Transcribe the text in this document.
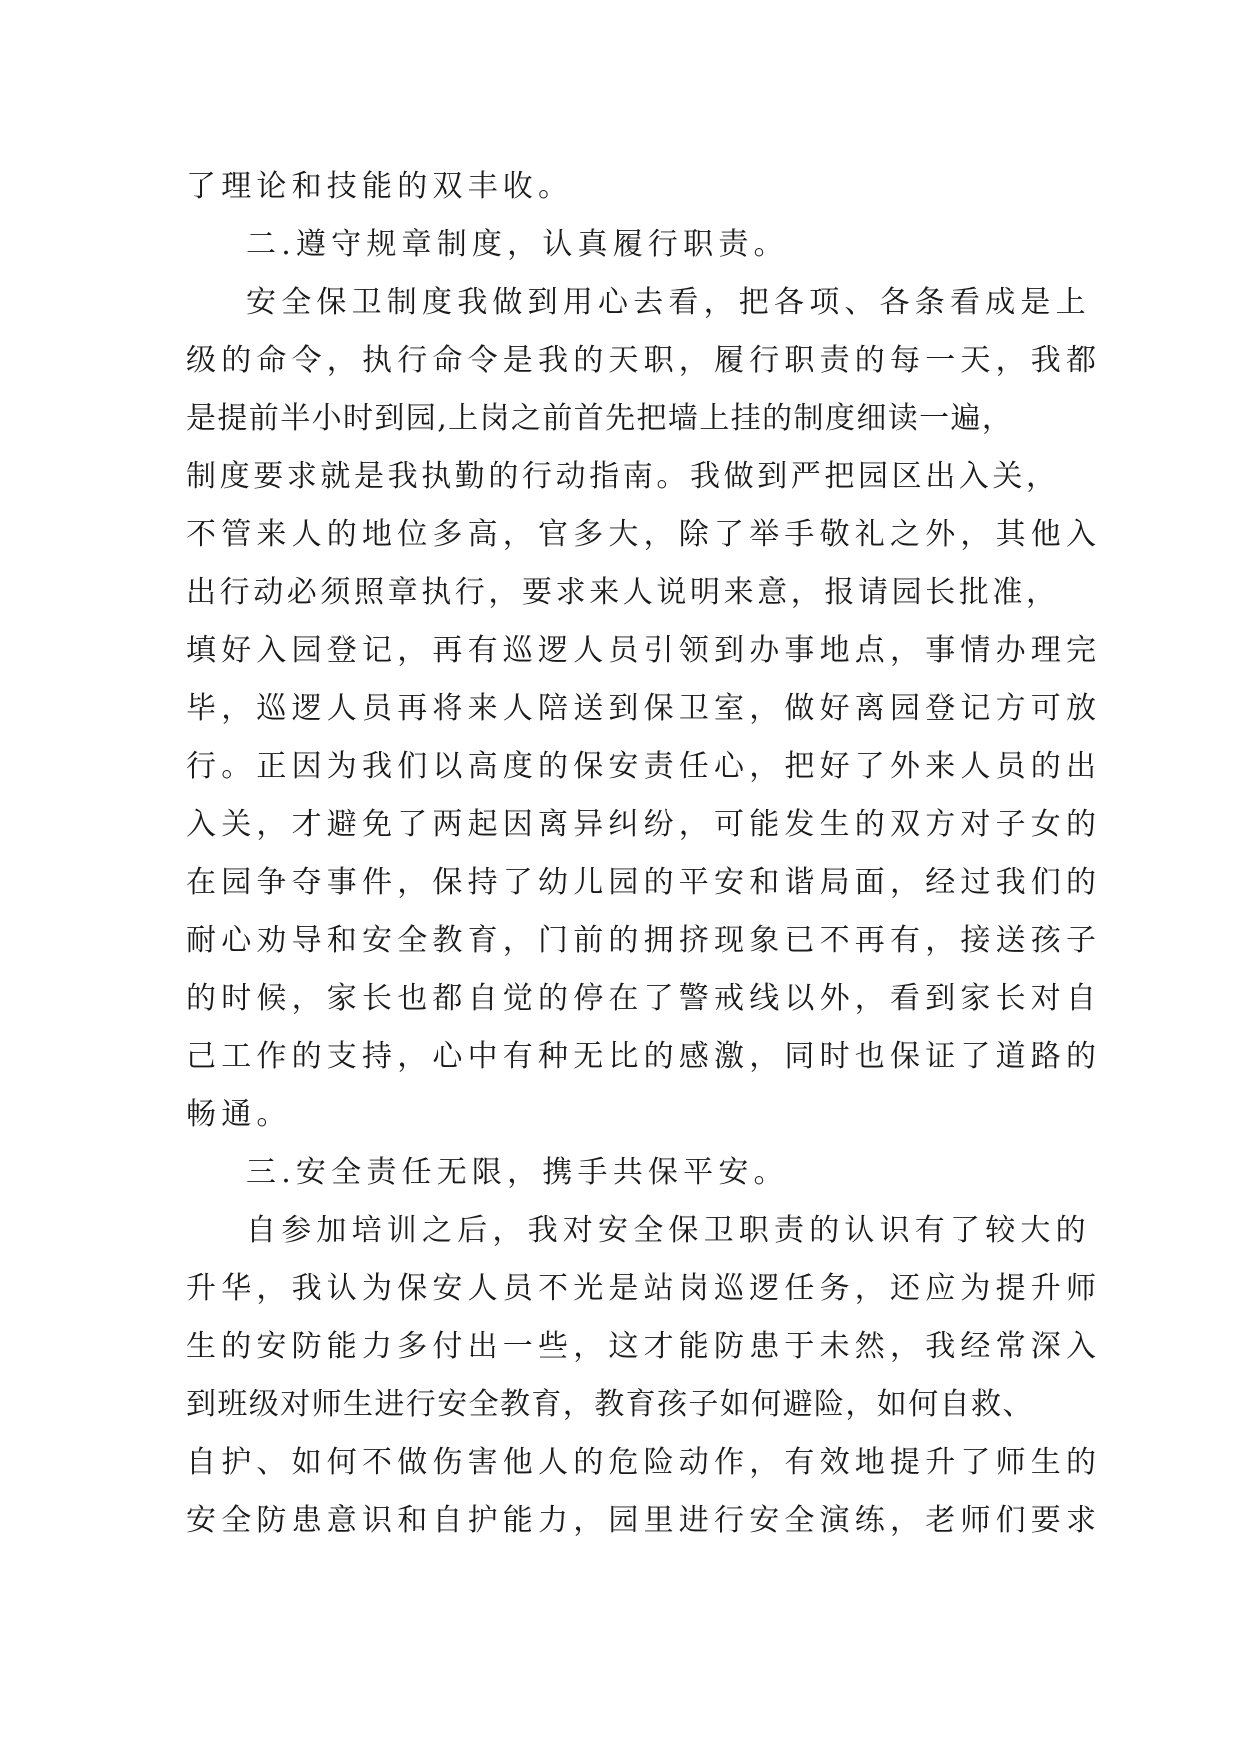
了理论和技能的双丰收。
二.遵守规章制度，认真履行职责。
安全保卫制度我做到用心去看，把各项、各条看成是上
级的命令，执行命令是我的天职，履行职责的每一天，我都
是提前半小时到园,上岗之前首先把墙上挂的制度细读一遍，
制度要求就是我执勤的行动指南。我做到严把园区出入关，
不管来人的地位多高，官多大，除了举手敬礼之外，其他入
出行动必须照章执行，要求来人说明来意，报请园长批准，
填好入园登记，再有巡逻人员引领到办事地点，事情办理完
毕，巡逻人员再将来人陪送到保卫室，做好离园登记方可放
行。正因为我们以高度的保安责任心，把好了外来人员的出
入关，才避免了两起因离异纠纷，可能发生的双方对子女的
在园争夺事件，保持了幼儿园的平安和谐局面，经过我们的
耐心劝导和安全教育，门前的拥挤现象已不再有，接送孩子
的时候，家长也都自觉的停在了警戒线以外，看到家长对自
己工作的支持，心中有种无比的感激，同时也保证了道路的
畅通。
三.安全责任无限，携手共保平安。
自参加培训之后，我对安全保卫职责的认识有了较大的
升华，我认为保安人员不光是站岗巡逻任务，还应为提升师
生的安防能力多付出一些，这才能防患于未然，我经常深入
到班级对师生进行安全教育，教育孩子如何避险，如何自救、
自护、如何不做伤害他人的危险动作，有效地提升了师生的
安全防患意识和自护能力，园里进行安全演练，老师们要求
